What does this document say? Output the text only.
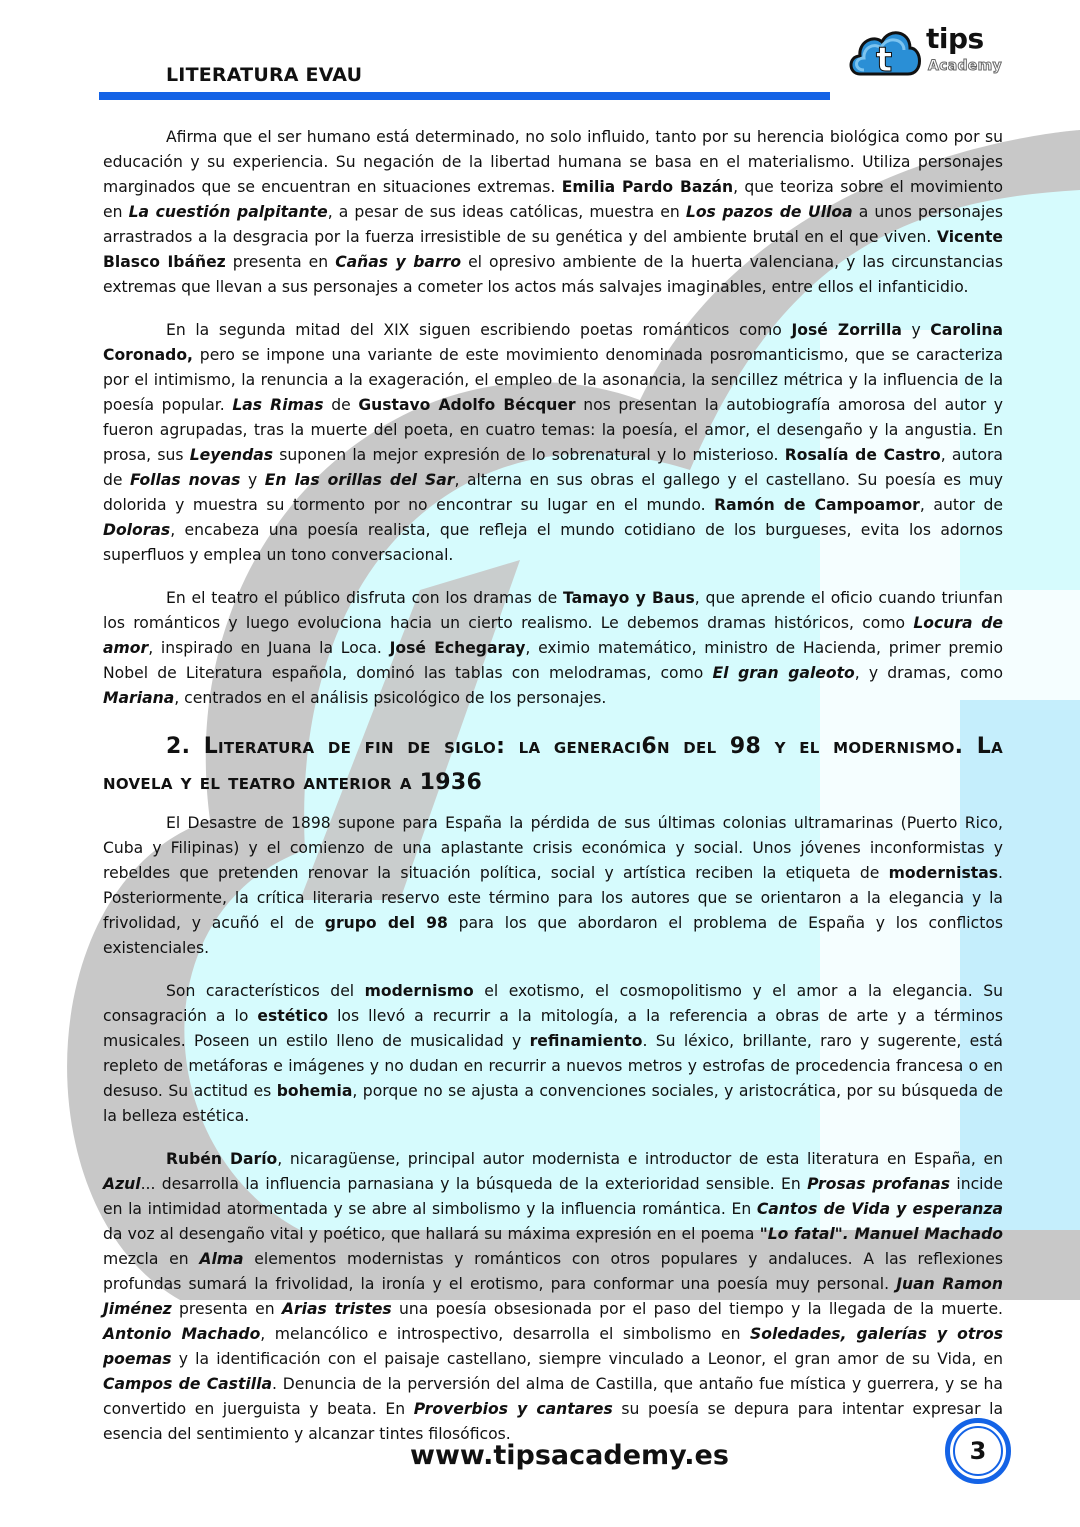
LITERATURA EVAU	t
tips
Academy

Afirma que el ser humano está determinado, no solo influido, tanto por su herencia biológica como por su educación y su experiencia. Su negación de la libertad humana se basa en el materialismo. Utiliza personajes marginados que se encuentran en situaciones extremas. Emilia Pardo Bazán, que teoriza sobre el movimiento en La cuestión palpitante, a pesar de sus ideas católicas, muestra en Los pazos de Ulloa a unos personajes arrastrados a la desgracia por la fuerza irresistible de su genética y del ambiente brutal en el que viven. Vicente Blasco Ibáñez presenta en Cañas y barro el opresivo ambiente de la huerta valenciana, y las circunstancias extremas que llevan a sus personajes a cometer los actos más salvajes imaginables, entre ellos el infanticidio.

En la segunda mitad del XIX siguen escribiendo poetas románticos como José Zorrilla y Carolina Coronado, pero se impone una variante de este movimiento denominada posromanticismo, que se caracteriza por el intimismo, la renuncia a la exageración, el empleo de la asonancia, la sencillez métrica y la influencia de la poesía popular. Las Rimas de Gustavo Adolfo Bécquer nos presentan la autobiografía amorosa del autor y fueron agrupadas, tras la muerte del poeta, en cuatro temas: la poesía, el amor, el desengaño y la angustia. En prosa, sus Leyendas suponen la mejor expresión de lo sobrenatural y lo misterioso. Rosalía de Castro, autora de Follas novas y En las orillas del Sar, alterna en sus obras el gallego y el castellano. Su poesía es muy dolorida y muestra su tormento por no encontrar su lugar en el mundo. Ramón de Campoamor, autor de Doloras, encabeza una poesía realista, que refleja el mundo cotidiano de los burgueses, evita los adornos superfluos y emplea un tono conversacional.

En el teatro el público disfruta con los dramas de Tamayo y Baus, que aprende el oficio cuando triunfan los románticos y luego evoluciona hacia un cierto realismo. Le debemos dramas históricos, como Locura de amor, inspirado en Juana la Loca. José Echegaray, eximio matemático, ministro de Hacienda, primer premio Nobel de Literatura española, dominó las tablas con melodramas, como El gran galeoto, y dramas, como Mariana, centrados en el análisis psicológico de los personajes.

2. Literatura de fin de siglo: la generaci6n del 98 y el modernismo. La novela y el teatro anterior a 1936

El Desastre de 1898 supone para España la pérdida de sus últimas colonias ultramarinas (Puerto Rico, Cuba y Filipinas) y el comienzo de una aplastante crisis económica y social. Unos jóvenes inconformistas y rebeldes que pretenden renovar la situación política, social y artística reciben la etiqueta de modernistas. Posteriormente, la crítica literaria reservo este término para los autores que se orientaron a la elegancia y la frivolidad, y acuñó el de grupo del 98 para los que abordaron el problema de España y los conflictos existenciales.

Son característicos del modernismo el exotismo, el cosmopolitismo y el amor a la elegancia. Su consagración a lo estético los llevó a recurrir a la mitología, a la referencia a obras de arte y a términos musicales. Poseen un estilo lleno de musicalidad y refinamiento. Su léxico, brillante, raro y sugerente, está repleto de metáforas e imágenes y no dudan en recurrir a nuevos metros y estrofas de procedencia francesa o en desuso. Su actitud es bohemia, porque no se ajusta a convenciones sociales, y aristocrática, por su búsqueda de la belleza estética.

Rubén Darío, nicaragüense, principal autor modernista e introductor de esta literatura en España, en Azul... desarrolla la influencia parnasiana y la búsqueda de la exterioridad sensible. En Prosas profanas incide en la intimidad atormentada y se abre al simbolismo y la influencia romántica. En Cantos de Vida y esperanza da voz al desengaño vital y poético, que hallará su máxima expresión en el poema "Lo fatal". Manuel Machado mezcla en Alma elementos modernistas y románticos con otros populares y andaluces. A las reflexiones profundas sumará la frivolidad, la ironía y el erotismo, para conformar una poesía muy personal. Juan Ramon Jiménez presenta en Arias tristes una poesía obsesionada por el paso del tiempo y la llegada de la muerte. Antonio Machado, melancólico e introspectivo, desarrolla el simbolismo en Soledades, galerías y otros poemas y la identificación con el paisaje castellano, siempre vinculado a Leonor, el gran amor de su Vida, en Campos de Castilla. Denuncia de la perversión del alma de Castilla, que antaño fue mística y guerrera, y se ha convertido en juerguista y beata. En Proverbios y cantares su poesía se depura para intentar expresar la esencia del sentimiento y alcanzar tintes filosóficos.

www.tipsacademy.es	3
